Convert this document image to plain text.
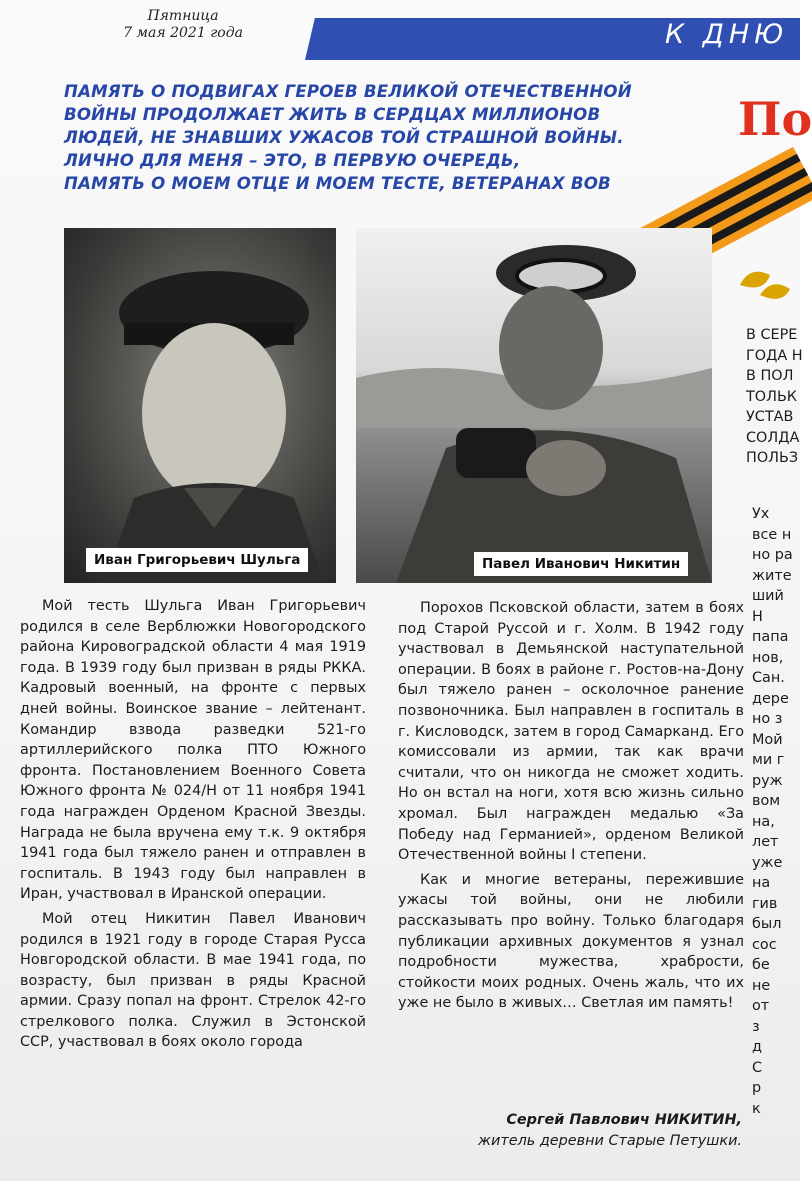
Пятница
7 мая 2021 года	К ДНЮ
ПАМЯТЬ О ПОДВИГАХ ГЕРОЕВ ВЕЛИКОЙ ОТЕЧЕСТВЕННОЙ
ВОЙНЫ ПРОДОЛЖАЕТ ЖИТЬ В СЕРДЦАХ МИЛЛИОНОВ
ЛЮДЕЙ, НЕ ЗНАВШИХ УЖАСОВ ТОЙ СТРАШНОЙ ВОЙНЫ.
ЛИЧНО ДЛЯ МЕНЯ – ЭТО, В ПЕРВУЮ ОЧЕРЕДЬ,
ПАМЯТЬ О МОЕМ ОТЦЕ И МОЕМ ТЕСТЕ, ВЕТЕРАНАХ ВОВ
По
Иван Григорьевич Шульга	Павел Иванович Никитин

Мой тесть Шульга Иван Григорьевич родился в селе Верблюжки Новогородского района Кировоградской области 4 мая 1919 года. В 1939 году был призван в ряды РККА. Кадровый военный, на фронте с первых дней войны. Воинское звание – лейтенант. Командир взвода разведки 521-го артиллерийского полка ПТО Южного фронта. Постановлением Военного Совета Южного фронта № 024/Н от 11 ноября 1941 года награжден Орденом Красной Звезды. Награда не была вручена ему т.к. 9 октября 1941 года был тяжело ранен и отправлен в госпиталь. В 1943 году был направлен в Иран, участвовал в Иранской операции.

Мой отец Никитин Павел Иванович родился в 1921 году в городе Старая Русса Новгородской области. В мае 1941 года, по возрасту, был призван в ряды Красной армии. Сразу попал на фронт. Стрелок 42-го стрелкового полка. Служил в Эстонской ССР, участвовал в боях около города

Порохов Псковской области, затем в боях под Старой Руссой и г. Холм. В 1942 году участвовал в Демьянской наступательной операции. В боях в районе г. Ростов-на-Дону был тяжело ранен – осколочное ранение позвоночника. Был направлен в госпиталь в г. Кисловодск, затем в город Самарканд. Его комиссовали из армии, так как врачи считали, что он никогда не сможет ходить. Но он встал на ноги, хотя всю жизнь сильно хромал. Был награжден медалью «За Победу над Германией», орденом Великой Отечественной войны I степени.

Как и многие ветераны, пережившие ужасы той войны, они не любили рассказывать про войну. Только благодаря публикации архивных документов я узнал подробности мужества, храбрости, стойкости моих родных. Очень жаль, что их уже не было в живых… Светлая им память!

Сергей Павлович НИКИТИН,
житель деревни Старые Петушки.
В СЕРЕ
ГОДА Н
В ПОЛ
ТОЛЬК
УСТАВ
СОЛДА
ПОЛЬЗ
Ух
все н
но ра
жите
ший
Н
папа
нов,
Сан.
дере
но з
Мой
ми г
руж
вом
на,
лет
уже
на
гив
был
сос
бе
не
от
з
д
С
р
к
